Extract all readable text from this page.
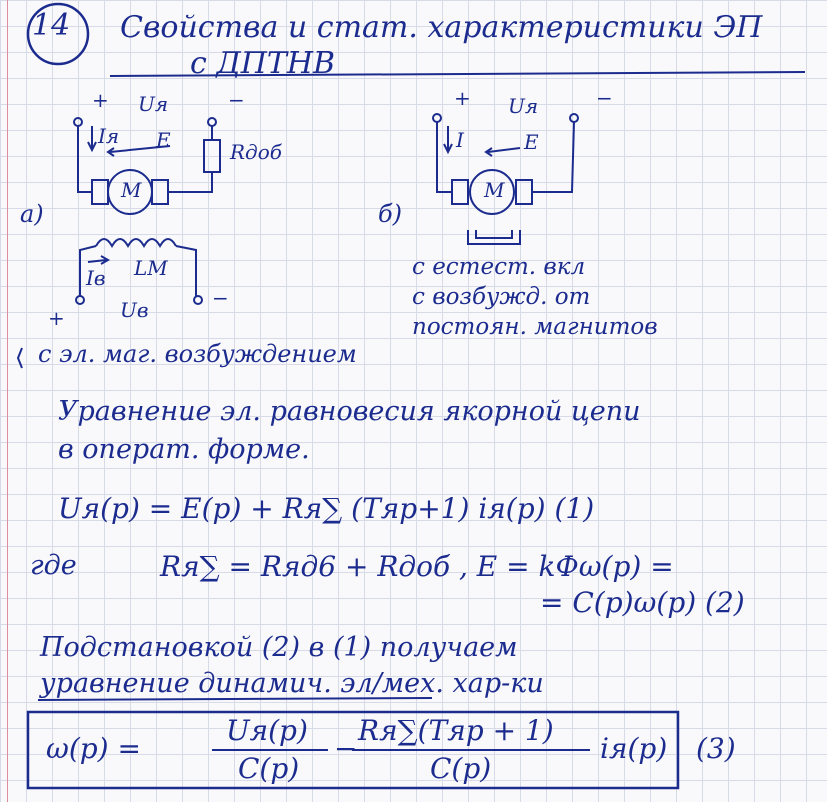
14 Свойства и стат. характеристики ЭП
с ДПТНВ
+	−
Uя
Iя E	Rдоб
M
а)
Iв LM
Uв
+
−
с эл. маг. возбуждением
+	−
Uя
I	E
M
б)
с естест. вкл
с возбужд. от
постоян. магнитов
Уравнение эл. равновесия якорной цепи
в операт. форме.
Uя(p) = E(p) + Rя∑ (Tяp+1) iя(p) (1)
где	Rя∑ = Rяд6 + Rдоб , E = kФω(p) =
= C(p)ω(p) (2)
Подстановкой (2) в (1) получаем
уравнение динамич. эл/мех. хар-ки
ω(p) =
Uя(p)
C(p)
−
Rя∑(Tяp + 1)
C(p)
iя(p) (3)
